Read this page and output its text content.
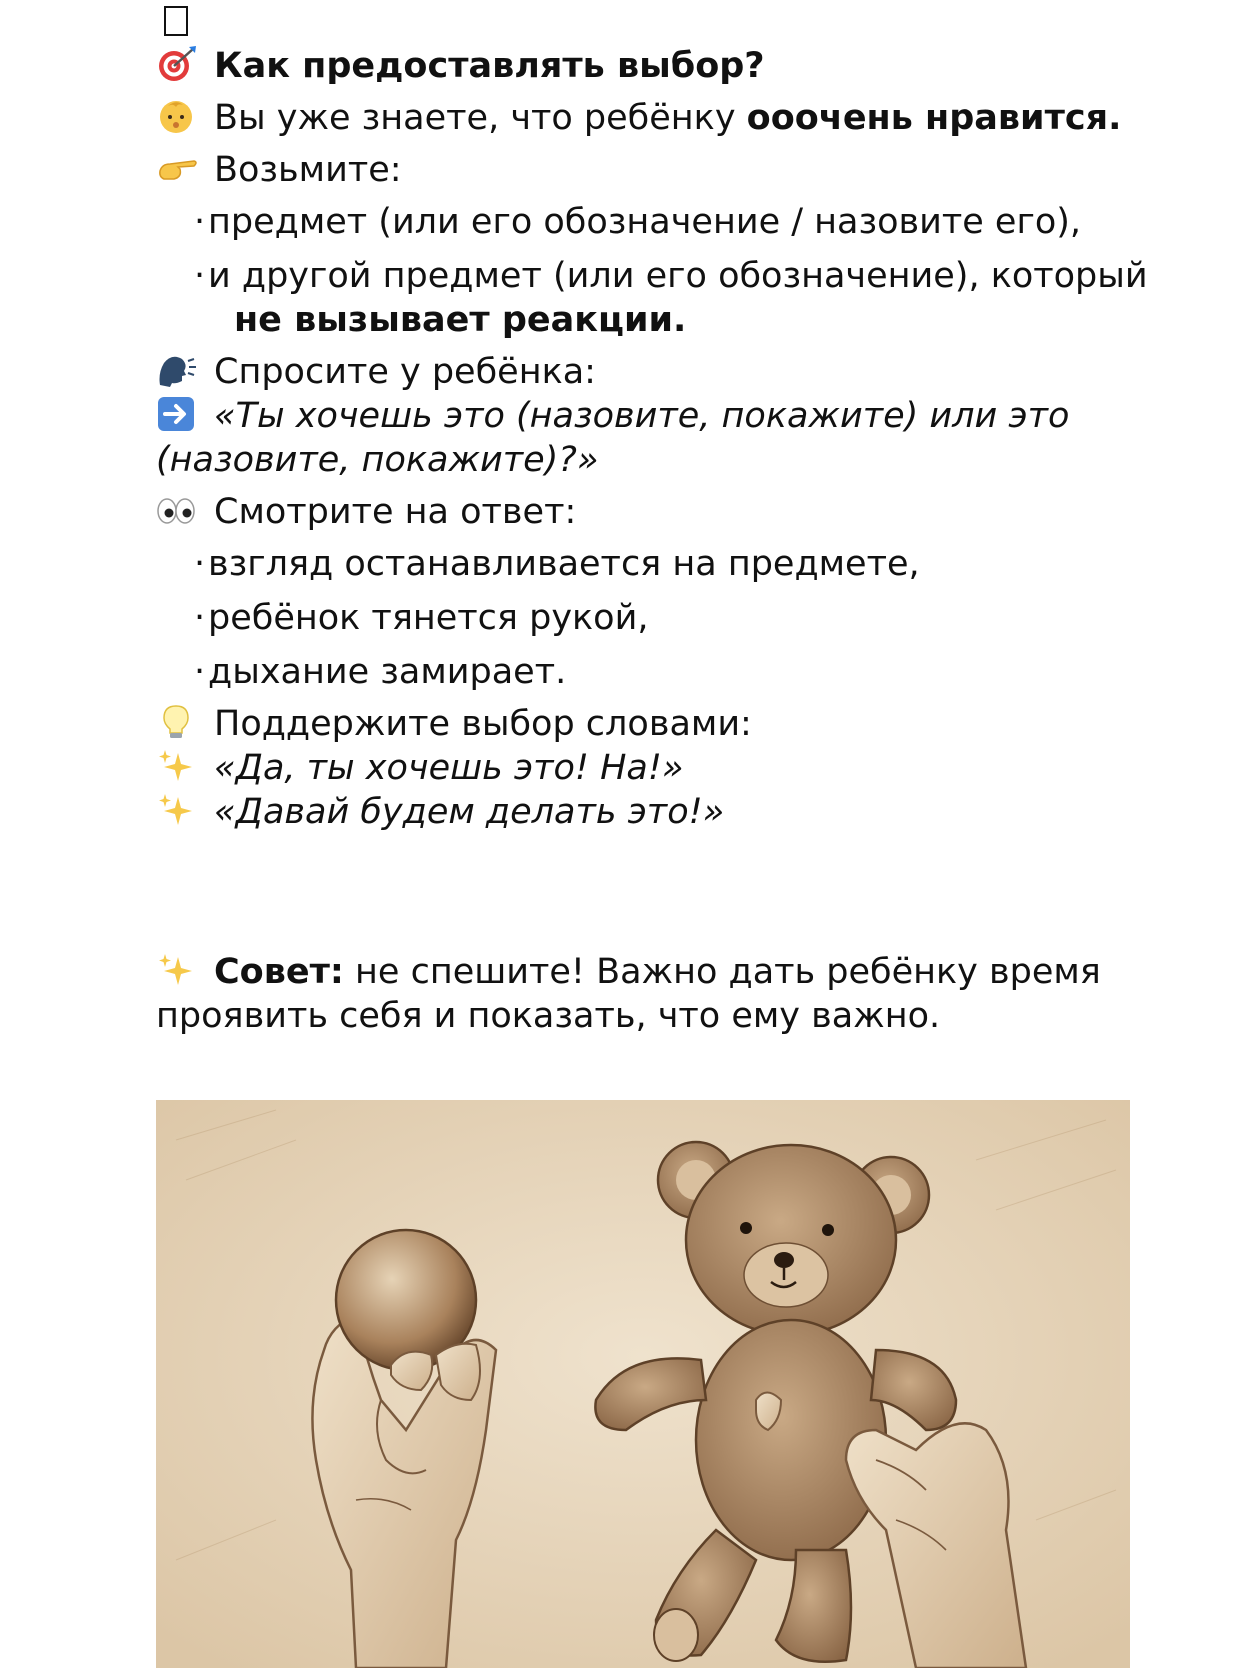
Как предоставлять выбор?
Вы уже знаете, что ребёнку ооочень нравится.
Возьмите:
·предмет (или его обозначение / назовите его),
·и другой предмет (или его обозначение), который
не вызывает реакции.
Спросите у ребёнка:
«Ты хочешь это (назовите, покажите) или это
(назовите, покажите)?»
Смотрите на ответ:
·взгляд останавливается на предмете,
·ребёнок тянется рукой,
·дыхание замирает.
Поддержите выбор словами:
«Да, ты хочешь это! На!»
«Давай будем делать это!»
Совет: не спешите! Важно дать ребёнку время
проявить себя и показать, что ему важно.
